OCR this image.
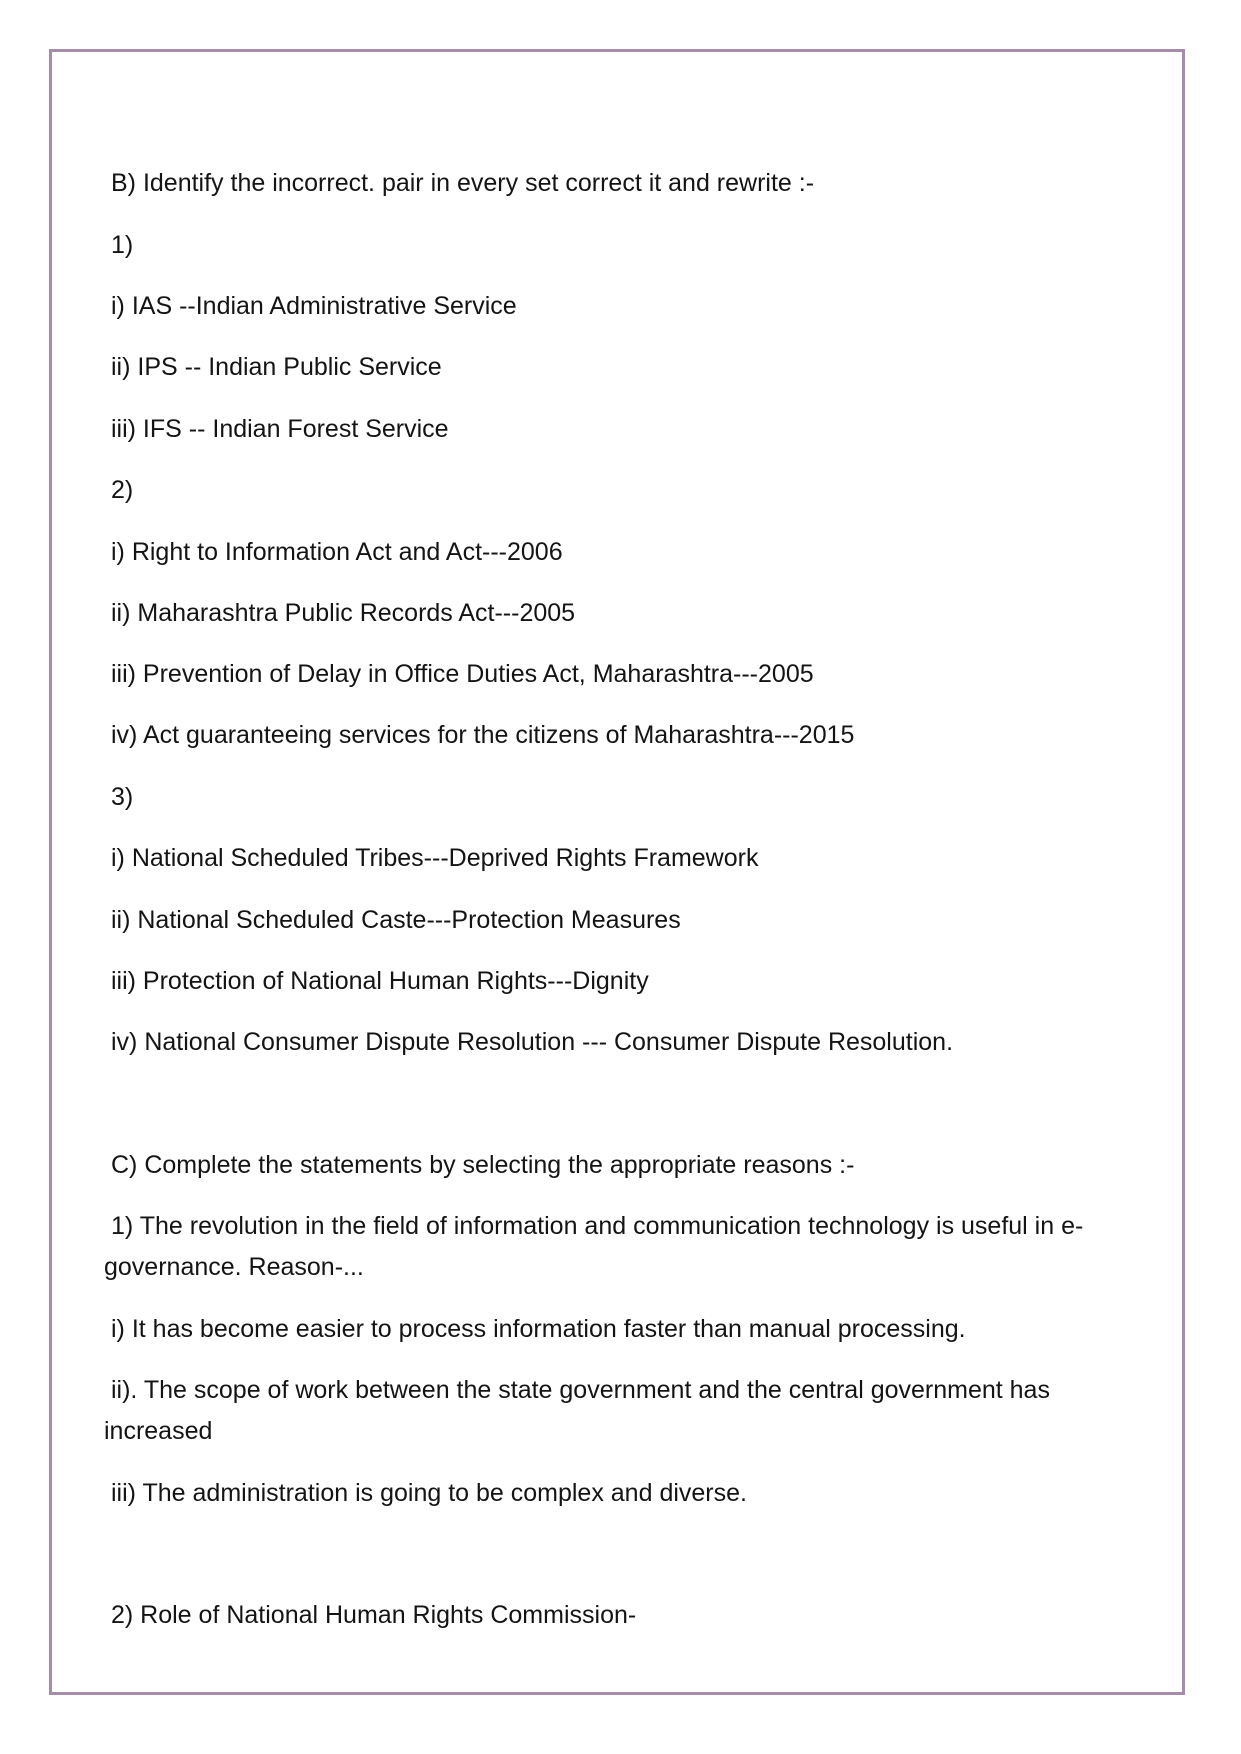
B) Identify the incorrect. pair in every set correct it and rewrite :-
1)
i) IAS --Indian Administrative Service
ii) IPS -- Indian Public Service
iii) IFS -- Indian Forest Service
2)
i) Right to Information Act and Act---2006
ii) Maharashtra Public Records Act---2005
iii) Prevention of Delay in Office Duties Act, Maharashtra---2005
iv) Act guaranteeing services for the citizens of Maharashtra---2015
3)
i) National Scheduled Tribes---Deprived Rights Framework
ii) National Scheduled Caste---Protection Measures
iii) Protection of National Human Rights---Dignity
iv) National Consumer Dispute Resolution --- Consumer Dispute Resolution.
C) Complete the statements by selecting the appropriate reasons :-
1) The revolution in the field of information and communication technology is useful in e-governance. Reason-...
i) It has become easier to process information faster than manual processing.
ii). The scope of work between the state government and the central government has increased
iii) The administration is going to be complex and diverse.
2) Role of National Human Rights Commission-
